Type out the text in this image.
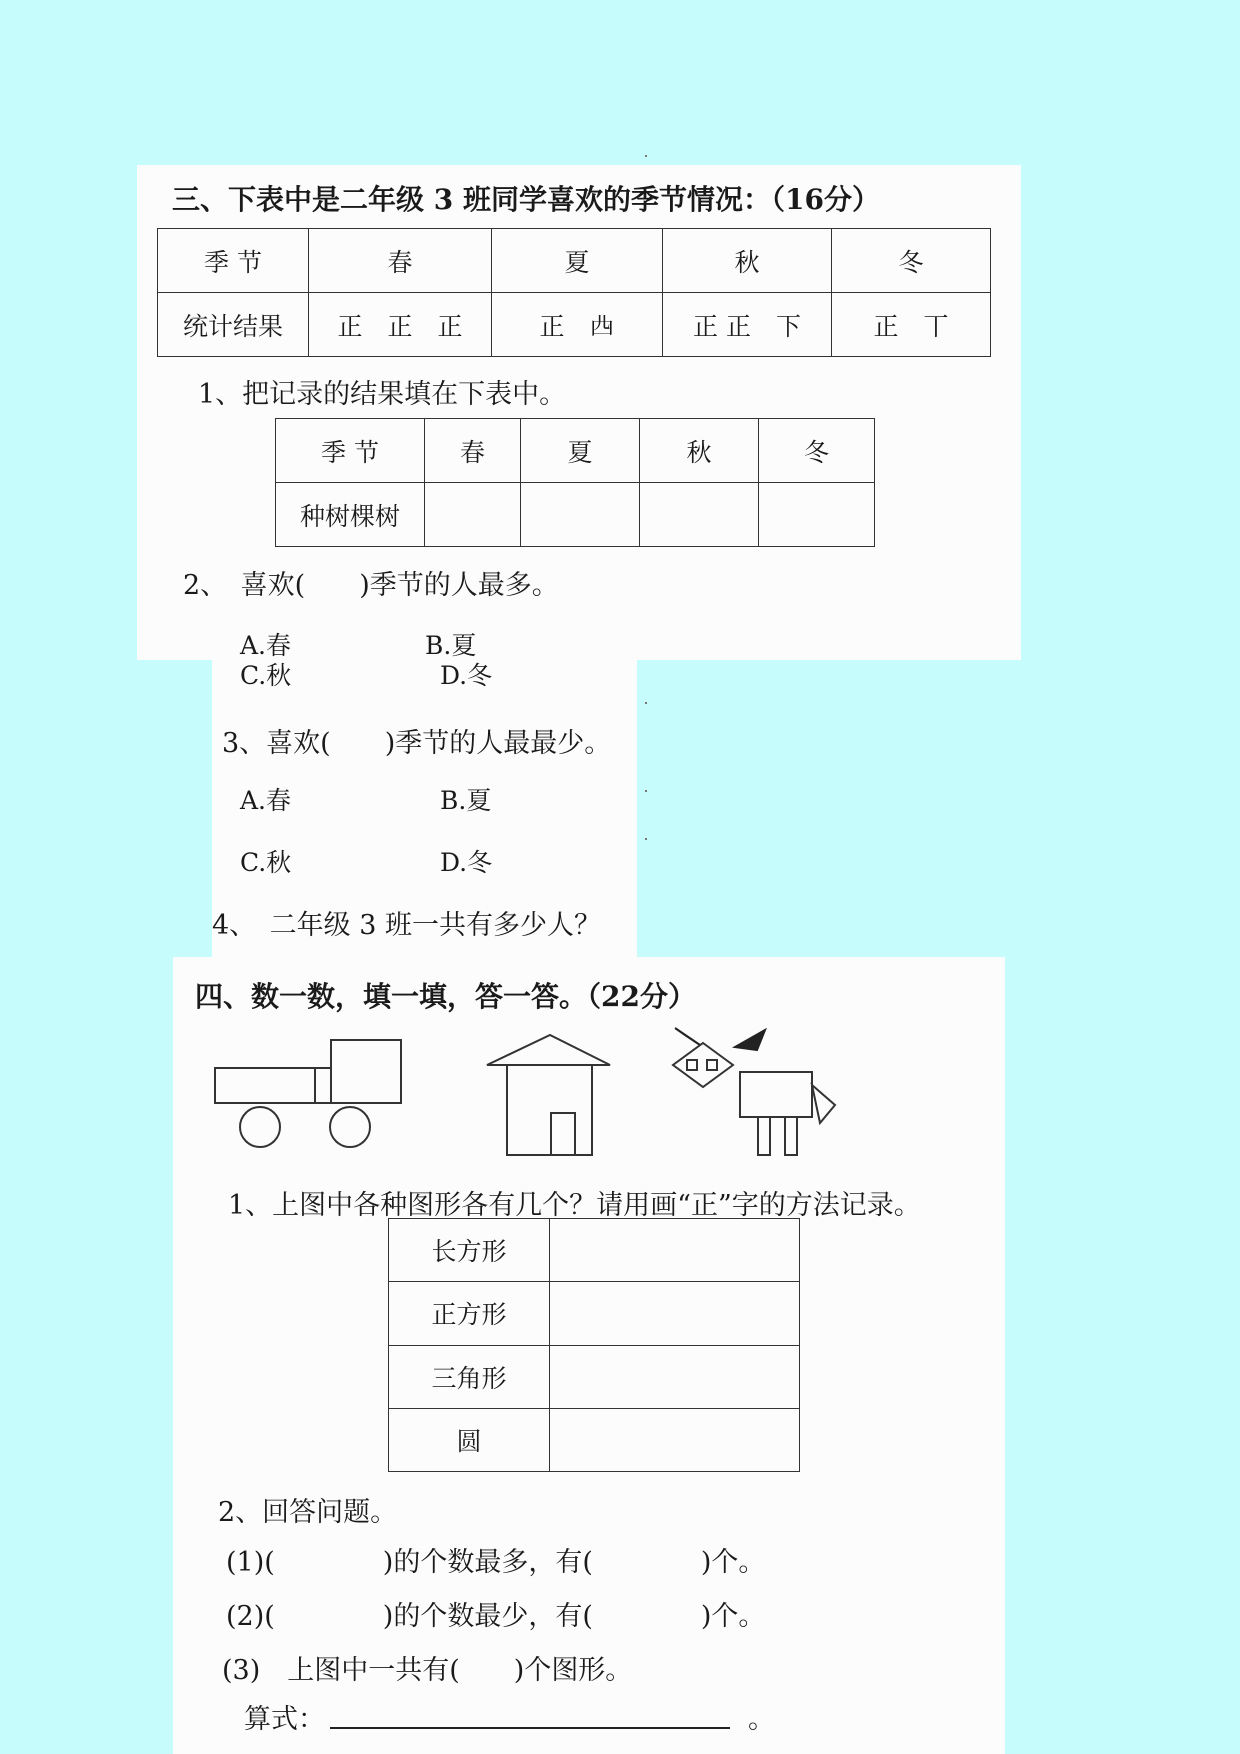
三、下表中是二年级 3 班同学喜欢的季节情况：（16分）
季 节	春	夏	秋	冬
统计结果	正　正　正	正　𠁤	正 正　下	正　丅
1、把记录的结果填在下表中。
季 节	春	夏	秋	冬
种树棵树				
2、　喜欢(　　)季节的人最多。
A.春	B.夏
C.秋	D.冬
3、喜欢(　　)季节的人最最少。
A.春	B.夏
C.秋	D.冬
4、　二年级 3 班一共有多少人？
四、数一数，填一填，答一答。（22分）
1、上图中各种图形各有几个？请用画“正”字的方法记录。
长方形	
正方形	
三角形	
圆	
2、回答问题。
(1)(　　　　)的个数最多，有(　　　　)个。
(2)(　　　　)的个数最少，有(　　　　)个。
(3)　上图中一共有(　　)个图形。
算式：	。
